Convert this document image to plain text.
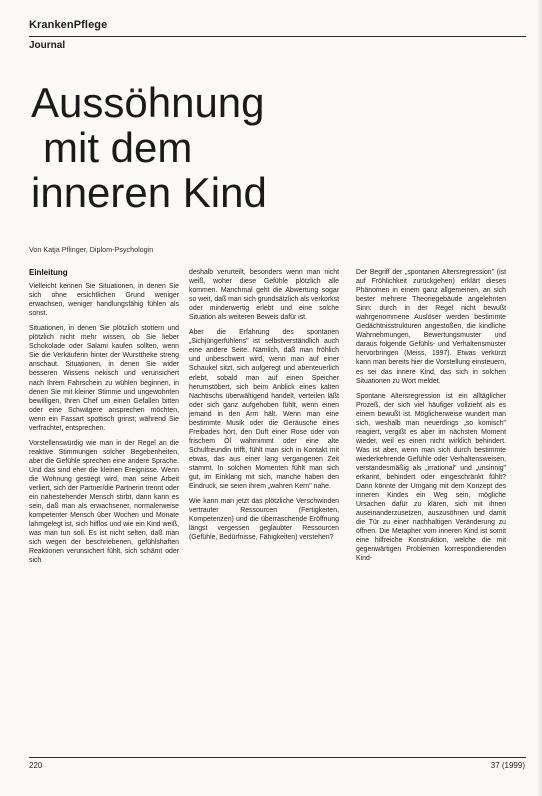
KrankenPflege
Journal
Aussöhnung
mit dem
inneren Kind
Von Katja Pflinger, Diplom-Psychologin
Einleitung

Vielleicht kennen Sie Situationen, in denen Sie sich ohne ersichtlichen Grund weniger erwachsen, weniger handlungsfähig fühlen als sonst.

Situationen, in denen Sie plötzlich stottern und plötzlich nicht mehr wissen, ob Sie lieber Schokolade oder Salami kaufen sollten, wenn Sie die Verkäuferin hinter der Wursttheke streng anschaut. Situationen, in denen Sie wider besseren Wissens nekisch und verunsichert nach Ihrem Fahrschein zu wühlen beginnen, in denen Sie mit kleiner Stimme und ungewohnten bewilligen, Ihren Chef um einen Gefallen bitten oder eine Schwägere ansprechen möchten, wenn ein Fassart spottisch grinst; während Sie verfrachtet, entsprechen.

Vorstellenswürdig wie man in der Regel an die reaktive Stimmungen solcher Begebenheiten, aber die Gefühle sprechen eine andere Sprache. Und das sind eher die kleinen Ereignisse. Wenn die Wohnung gestiegt wird, man seine Arbeit verliert, sich der Partner/die Partnerin trennt oder ein nahestehender Mensch stirbt, dann kann es sein, daß man als erwachsener, normalerweise kompetenter Mensch über Wochen und Monate lahmgelegt ist, sich hilflos und wie ein Kind weiß, was man tun soll. Es ist nicht selten, daß man sich wegen der beschriebenen, gefühlshaften Reaktionen verunsichert fühlt, sich schämt oder sich

deshalb verurteilt, besonders wenn man nicht weiß, woher diese Gefühle plötzlich alle kommen. Manchmal geht die Abwertung sogar so weit, daß man sich grundsätzlich als verkorkst oder minderwertig erlebt und eine solche Situation als weiteren Beweis dafür ist.

Aber die Erfahrung des spontanen „Sichjüngerfühlens" ist selbstverständlich auch eine andere Seite. Nämlich, daß man fröhlich und unbeschwert wird, wenn man auf einer Schaukel sitzt, sich aufgeregt und abenteuerlich erlebt, sobald man auf einen Speicher herumstöbert, sich beim Anblick eines kalten Nachtischs überwältigend handelt, verteilen läßt oder sich ganz aufgehoben fühlt, wenn einen jemand in den Arm hält. Wenn man eine bestimmte Musik oder die Geräusche eines Freibades hört, den Duft einer Rose oder von frischem Öl wahrnimmt oder eine alte Schulfreundin trifft, fühlt man sich in Kontakt mit etwas, das aus einer lang vergangenen Zeit stammt. In solchen Momenten fühlt man sich gut, im Einklang mit sich, manche haben den Eindruck, sie seien ihrem „wahren Kern" nahe.

Wie kann man jetzt das plötzliche Verschwinden vertrauter Ressourcen (Fertigkeiten, Kompetenzen) und die überraschende Eröffnung längst vergessen geglaubter Ressourcen (Gefühle, Bedürfnisse, Fähigkeiten) verstehen?

Der Begriff der „spontanen Altersregression" (ist auf Fröhlichkeit zurückgehen) erklärt dieses Phänomen in einem ganz allgemeinen, an sich bester mehrere Theoriegebäude angelehnten Sinn: durch in der Regel nicht bewußt wahrgenommene Auslöser werden bestimmte Gedächtnisstrukturen angestoßen, die kindliche Wahrnehmungen, Bewertungsmuster und daraus folgende Gefühls- und Verhaltensmuster hervorbringen (Meiss, 1997). Etwas verkürzt kann man bereits hier die Vorstellung einsteuern, es sei das innere Kind, das sich in solchen Situationen zu Wort meldet.

Spontane Altersregression ist ein alltäglicher Prozeß, der sich viel häufiger vollzieht als es einem bewußt ist. Möglicherweise wundert man sich, weshalb man neuerdings „so komisch" reagiert, vergißt es aber im nächsten Moment wieder, weil es einen nicht wirklich behindert. Was ist aber, wenn man sich durch bestimmte wiederkehrende Gefühle oder Verhaltensweisen, verstandesmäßig als „irrational" und „unsinnig" erkannt, behindert oder eingeschränkt fühlt? Dann könnte der Umgang mit dem Konzept des inneren Kindes ein Weg sein, mögliche Ursachen dafür zu klären, sich mit ihnen auseinanderzusetzen, auszusöhnen und damit die Tür zu einer nachhaltigen Veränderung zu öffnen. Die Metapher vom inneren Kind ist somit eine hilfreiche Konstruktion, welche die mit gegenwärtigen Problemen korrespondierenden Kind-

220	37 (1999)
